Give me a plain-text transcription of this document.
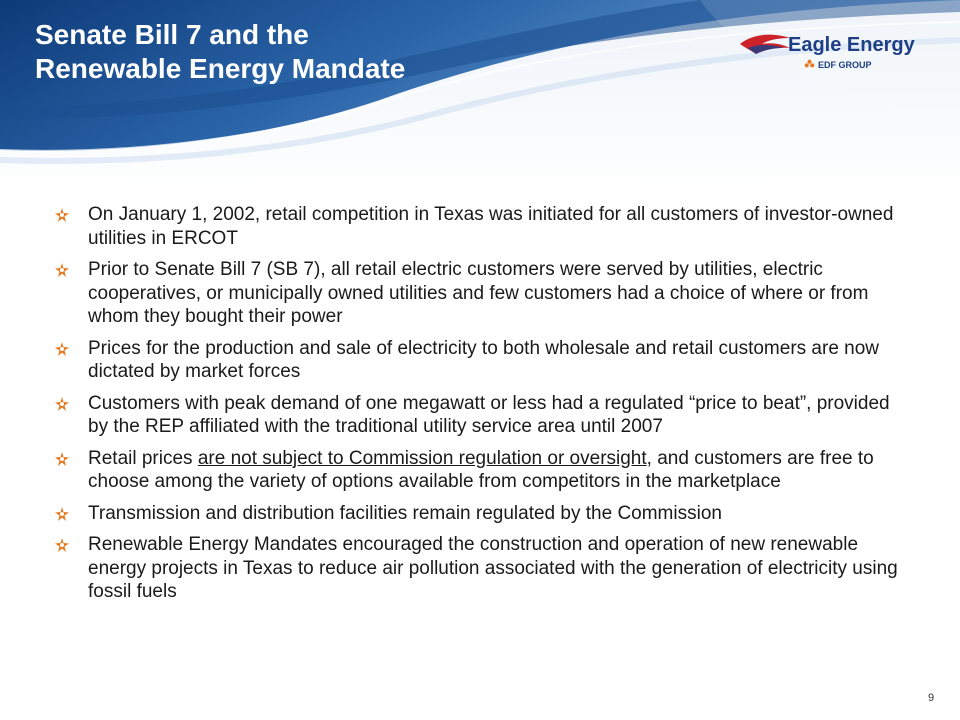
Senate Bill 7 and the
Renewable Energy Mandate
Eagle Energy
EDF GROUP
On January 1, 2002, retail competition in Texas was initiated for all customers of investor-owned utilities in ERCOT
Prior to Senate Bill 7 (SB 7), all retail electric customers were served by utilities, electric cooperatives, or municipally owned utilities and few customers had a choice of where or from whom they bought their power
Prices for the production and sale of electricity to both wholesale and retail customers are now dictated by market forces
Customers with peak demand of one megawatt or less had a regulated “price to beat”, provided by the REP affiliated with the traditional utility service area until 2007
Retail prices are not subject to Commission regulation or oversight, and customers are free to choose among the variety of options available from competitors in the marketplace
Transmission and distribution facilities remain regulated by the Commission
Renewable Energy Mandates encouraged the construction and operation of new renewable energy projects in Texas to reduce air pollution associated with the generation of electricity using fossil fuels
9
